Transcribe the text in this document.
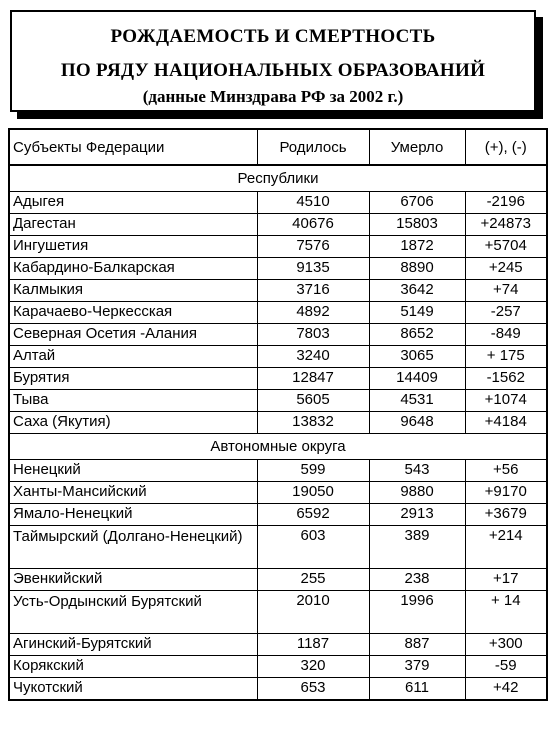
РОЖДАЕМОСТЬ И СМЕРТНОСТЬ
ПО РЯДУ НАЦИОНАЛЬНЫХ ОБРАЗОВАНИЙ
(данные Минздрава РФ за 2002 г.)
Субъекты Федерации	Родилось	Умерло	(+), (-)
Республики			
Адыгея	4510	6706	-2196
Дагестан	40676	15803	+24873
Ингушетия	7576	1872	+5704
Кабардино-Балкарская	9135	8890	+245
Калмыкия	3716	3642	+74
Карачаево-Черкесская	4892	5149	-257
Северная Осетия -Алания	7803	8652	-849
Алтай	3240	3065	+ 175
Бурятия	12847	14409	-1562
Тыва	5605	4531	+1074
Саха (Якутия)	13832	9648	+4184
Автономные округа			
Ненецкий	599	543	+56
Ханты-Мансийский	19050	9880	+9170
Ямало-Ненецкий	6592	2913	+3679
Таймырский (Долгано-Ненецкий)	603	389	+214
Эвенкийский	255	238	+17
Усть-Ордынский Бурятский	2010	1996	+ 14
Агинский-Бурятский	1187	887	+300
Корякский	320	379	-59
Чукотский	653	611	+42
